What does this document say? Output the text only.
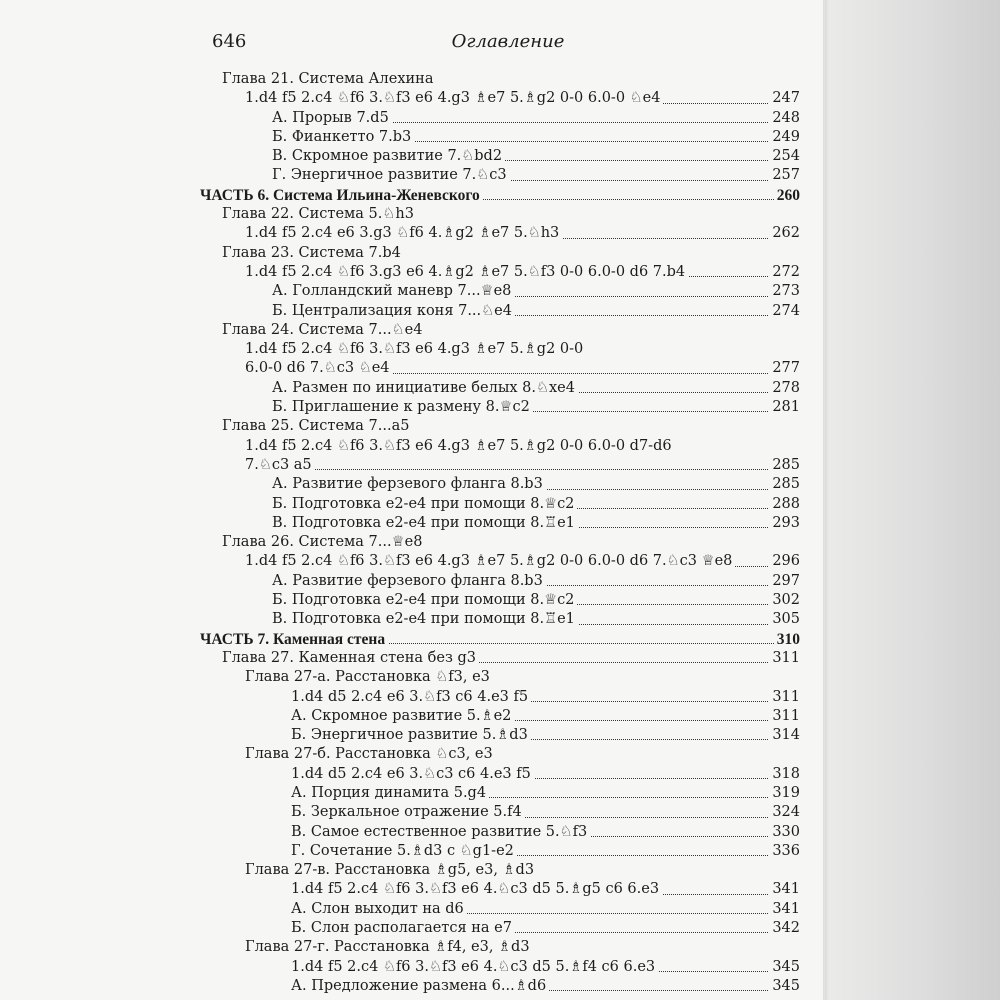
646	Оглавление
Глава 21. Система Алехина
1.d4 f5 2.c4 ♘f6 3.♘f3 e6 4.g3 ♗e7 5.♗g2 0-0 6.0-0 ♘e4	247
А. Прорыв 7.d5	248
Б. Фианкетто 7.b3	249
В. Скромное развитие 7.♘bd2	254
Г. Энергичное развитие 7.♘c3	257
ЧАСТЬ 6. Система Ильина-Женевского	260
Глава 22. Система 5.♘h3
1.d4 f5 2.c4 e6 3.g3 ♘f6 4.♗g2 ♗e7 5.♘h3	262
Глава 23. Система 7.b4
1.d4 f5 2.c4 ♘f6 3.g3 e6 4.♗g2 ♗e7 5.♘f3 0-0 6.0-0 d6 7.b4	272
А. Голландский маневр 7...♕e8	273
Б. Централизация коня 7...♘e4	274
Глава 24. Система 7...♘e4
1.d4 f5 2.c4 ♘f6 3.♘f3 e6 4.g3 ♗e7 5.♗g2 0-0
6.0-0 d6 7.♘c3 ♘e4	277
А. Размен по инициативе белых 8.♘xe4	278
Б. Приглашение к размену 8.♕c2	281
Глава 25. Система 7...a5
1.d4 f5 2.c4 ♘f6 3.♘f3 e6 4.g3 ♗e7 5.♗g2 0-0 6.0-0 d7-d6
7.♘c3 a5	285
А. Развитие ферзевого фланга 8.b3	285
Б. Подготовка e2-e4 при помощи 8.♕c2	288
В. Подготовка e2-e4 при помощи 8.♖e1	293
Глава 26. Система 7...♕e8
1.d4 f5 2.c4 ♘f6 3.♘f3 e6 4.g3 ♗e7 5.♗g2 0-0 6.0-0 d6 7.♘c3 ♕e8	296
А. Развитие ферзевого фланга 8.b3	297
Б. Подготовка e2-e4 при помощи 8.♕c2	302
В. Подготовка e2-e4 при помощи 8.♖e1	305
ЧАСТЬ 7. Каменная стена	310
Глава 27. Каменная стена без g3	311
Глава 27-а. Расстановка ♘f3, e3
1.d4 d5 2.c4 e6 3.♘f3 c6 4.e3 f5	311
А. Скромное развитие 5.♗e2	311
Б. Энергичное развитие 5.♗d3	314
Глава 27-б. Расстановка ♘c3, e3
1.d4 d5 2.c4 e6 3.♘c3 c6 4.e3 f5	318
А. Порция динамита 5.g4	319
Б. Зеркальное отражение 5.f4	324
В. Самое естественное развитие 5.♘f3	330
Г. Сочетание 5.♗d3 с ♘g1-e2	336
Глава 27-в. Расстановка ♗g5, e3, ♗d3
1.d4 f5 2.c4 ♘f6 3.♘f3 e6 4.♘c3 d5 5.♗g5 c6 6.e3	341
А. Слон выходит на d6	341
Б. Слон располагается на e7	342
Глава 27-г. Расстановка ♗f4, e3, ♗d3
1.d4 f5 2.c4 ♘f6 3.♘f3 e6 4.♘c3 d5 5.♗f4 c6 6.e3	345
А. Предложение размена 6...♗d6	345
